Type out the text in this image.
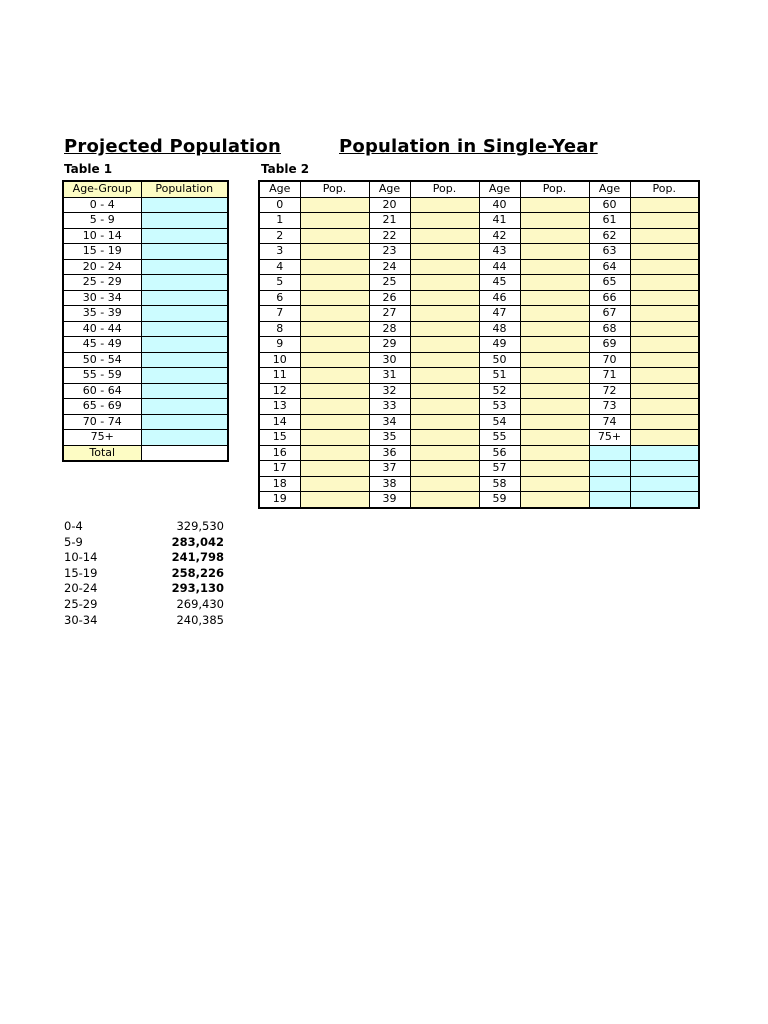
Projected Population	Population in Single-Year
Table 1	Table 2
Age-Group	Population
0 - 4	
5 - 9	
10 - 14	
15 - 19	
20 - 24	
25 - 29	
30 - 34	
35 - 39	
40 - 44	
45 - 49	
50 - 54	
55 - 59	
60 - 64	
65 - 69	
70 - 74	
75+	
Total	
Age	Pop.	Age	Pop.	Age	Pop.	Age	Pop.
0		20		40		60	
1		21		41		61	
2		22		42		62	
3		23		43		63	
4		24		44		64	
5		25		45		65	
6		26		46		66	
7		27		47		67	
8		28		48		68	
9		29		49		69	
10		30		50		70	
11		31		51		71	
12		32		52		72	
13		33		53		73	
14		34		54		74	
15		35		55		75+	
16		36		56			
17		37		57			
18		38		58			
19		39		59			
0-4	329,530
5-9	283,042
10-14	241,798
15-19	258,226
20-24	293,130
25-29	269,430
30-34	240,385
